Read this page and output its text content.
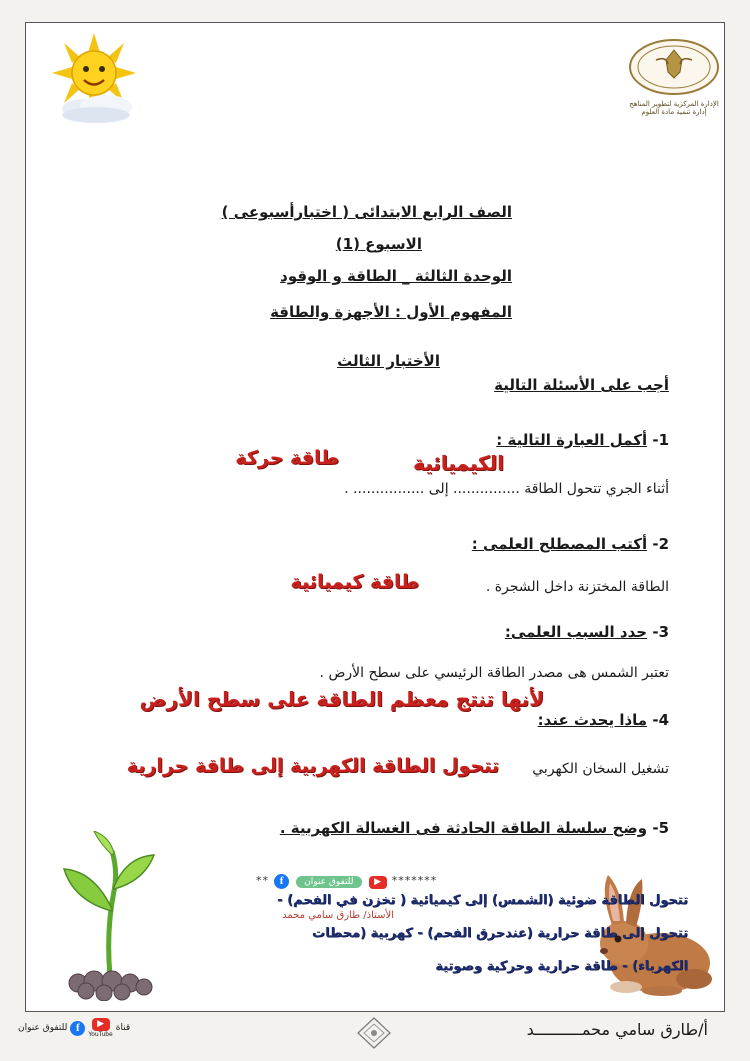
الإدارة المركزية لتطوير المناهج
إدارة تنمية مادة العلوم
الصف الرابع الابتدائى ( اختبارأسبوعى )
الاسبوع (1)
الوحدة الثالثة _ الطاقة و الوقود
المفهوم الأول : الأجهزة والطاقة
الأختبار الثالث
أجب على الأسئلة التالية
1- أكمل العبارة التالية :
الكيميائية
طاقة حركة
أثناء الجري تتحول الطاقة ............... إلى ................ .
2- أكتب المصطلح العلمى :
الطاقة المختزنة داخل الشجرة .
طاقة كيميائية
3- حدد السبب العلمى:
تعتبر الشمس هى مصدر الطاقة الرئيسي على سطح الأرض .
لأنها تنتج معظم الطاقة على سطح الأرض
4- ماذا يحدث عند:
تشغيل السخان الكهربي
تتحول الطاقة الكهربية إلى طاقة حرارية
5- وضح سلسلة الطاقة الحادثة فى الغسالة الكهربية .
** f للتفوق عنوان ▶ *******
تتحول الطاقة ضوئية (الشمس) إلى كيميائية ( تخزن في الفحم) -
الأستاذ/ طارق سامي محمد
تتحول إلى طاقة حرارية (عندحرق الفحم) - كهربية (محطات
الكهرباء) - طاقة حرارية وحركية وصوتية
للتفوق عنوان f	▶
YouTube
قناة	أ/طارق سامي محمــــــــــد
